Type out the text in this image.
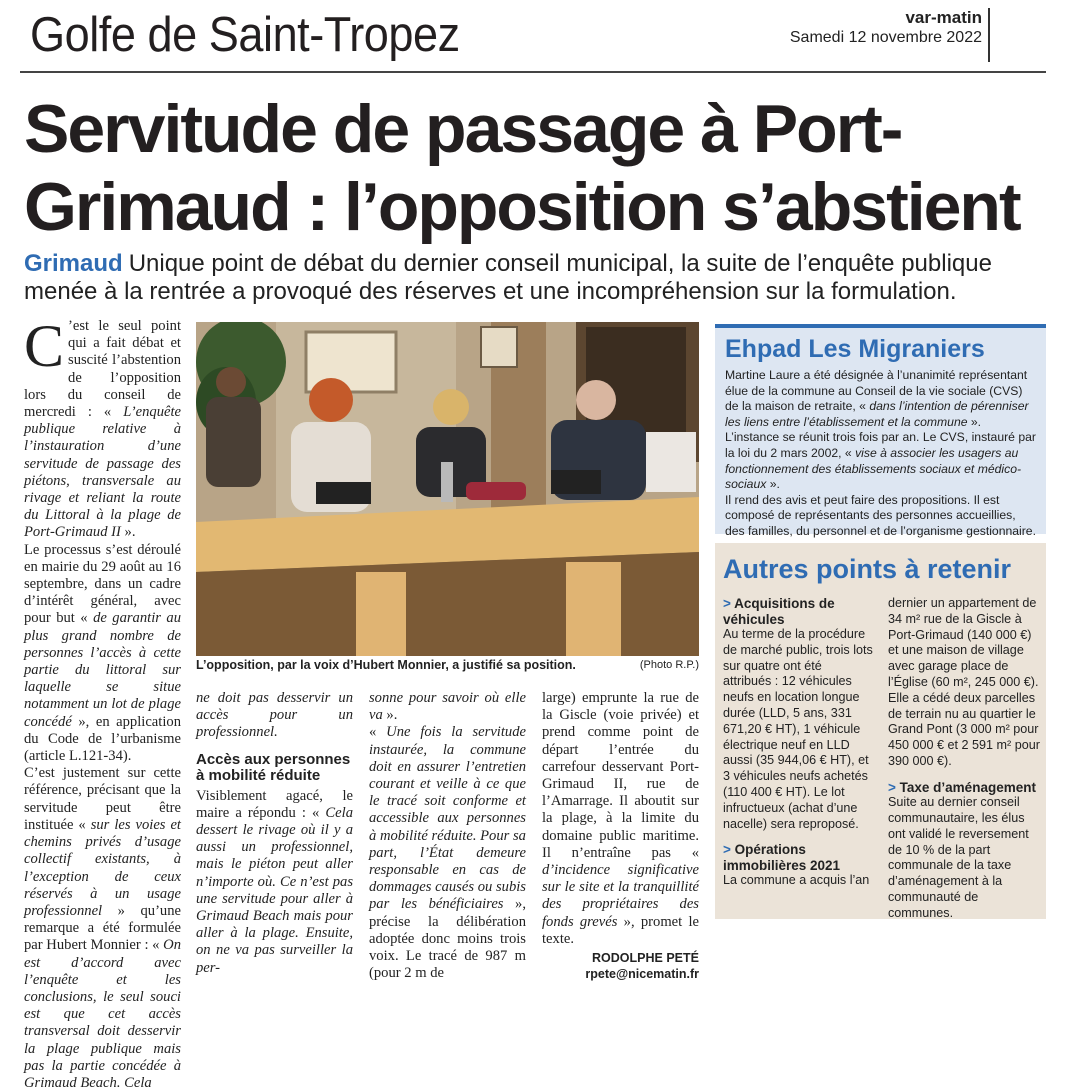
Golfe de Saint-Tropez	var-matin
Samedi 12 novembre 2022
Servitude de passage à Port-Grimaud : l’opposition s’abstient
Grimaud Unique point de débat du dernier conseil municipal, la suite de l’enquête publique menée à la rentrée a provoqué des réserves et une incompréhension sur la formulation.

C ’est le seul point qui a fait débat et suscité l’abstention de l’opposition lors du conseil de mercredi : « L’enquête publique relative à l’instauration d’une servitude de passage des piétons, transversale au rivage et reliant la route du Littoral à la plage de Port-Grimaud II ».

Le processus s’est déroulé en mairie du 29 août au 16 septembre, dans un cadre d’intérêt général, avec pour but « de garantir au plus grand nombre de personnes l’accès à cette partie du littoral sur laquelle se situe notamment un lot de plage concédé », en application du Code de l’urbanisme (article L.121-34).

C’est justement sur cette référence, précisant que la servitude peut être instituée « sur les voies et chemins privés d’usage collectif existants, à l’exception de ceux réservés à un usage professionnel » qu’une remarque a été formulée par Hubert Monnier : « On est d’accord avec l’enquête et les conclusions, le seul souci est que cet accès transversal doit desservir la plage publique mais pas la partie concédée à Grimaud Beach. Cela

L’opposition, par la voix d’Hubert Monnier, a justifié sa position.	(Photo R.P.)

ne doit pas desservir un accès pour un professionnel.

Accès aux personnes à mobilité réduite

Visiblement agacé, le maire a répondu : « Cela dessert le rivage où il y a aussi un professionnel, mais le piéton peut aller n’importe où. Ce n’est pas une servitude pour aller à Grimaud Beach mais pour aller à la plage. Ensuite, on ne va pas surveiller la per-

sonne pour savoir où elle va ».

« Une fois la servitude instaurée, la commune doit en assurer l’entretien courant et veille à ce que le tracé soit conforme et accessible aux personnes à mobilité réduite. Pour sa part, l’État demeure responsable en cas de dommages causés ou subis par les bénéficiaires », précise la délibération adoptée donc moins trois voix. Le tracé de 987 m (pour 2 m de

large) emprunte la rue de la Giscle (voie privée) et prend comme point de départ l’entrée du carrefour desservant Port-Grimaud II, rue de l’Amarrage. Il aboutit sur la plage, à la limite du domaine public maritime. Il n’entraîne pas « d’incidence significative sur le site et la tranquillité des propriétaires des fonds grevés », promet le texte.

RODOLPHE PETÉ
rpete@nicematin.fr
Ehpad Les Migraniers
Martine Laure a été désignée à l’unanimité représentant élue de la commune au Conseil de la vie sociale (CVS) de la maison de retraite, « dans l’intention de pérenniser les liens entre l’établissement et la commune ». L’instance se réunit trois fois par an. Le CVS, instauré par la loi du 2 mars 2002, « vise à associer les usagers au fonctionnement des établissements sociaux et médico-sociaux ».
Il rend des avis et peut faire des propositions. Il est composé de représentants des personnes accueillies, des familles, du personnel et de l’organisme gestionnaire.
Autres points à retenir
> Acquisitions de véhicules

Au terme de la procédure de marché public, trois lots sur quatre ont été attribués : 12 véhicules neufs en location longue durée (LLD, 5 ans, 331 671,20 € HT), 1 véhicule électrique neuf en LLD aussi (35 944,06 € HT), et 3 véhicules neufs achetés (110 400 € HT). Le lot infructueux (achat d’une nacelle) sera reproposé.

> Opérations immobilières 2021

La commune a acquis l’an

dernier un appartement de 34 m² rue de la Giscle à Port-Grimaud (140 000 €) et une maison de village avec garage place de l’Église (60 m², 245 000 €). Elle a cédé deux parcelles de terrain nu au quartier le Grand Pont (3 000 m² pour 450 000 € et 2 591 m² pour 390 000 €).

> Taxe d’aménagement

Suite au dernier conseil communautaire, les élus ont validé le reversement de 10 % de la part communale de la taxe d’aménagement à la communauté de communes.
